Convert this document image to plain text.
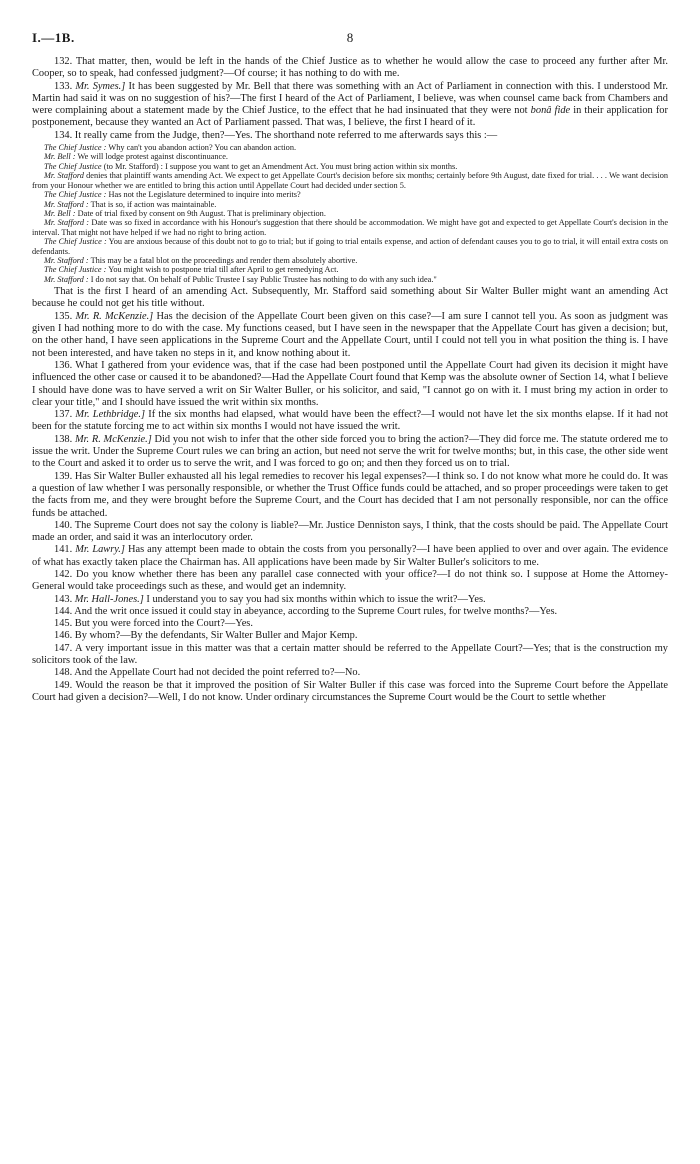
I.—1B.	8

132. That matter, then, would be left in the hands of the Chief Justice as to whether he would allow the case to proceed any further after Mr. Cooper, so to speak, had confessed judgment?—Of course; it has nothing to do with me.

133. Mr. Symes.] It has been suggested by Mr. Bell that there was something with an Act of Parliament in connection with this. I understood Mr. Martin had said it was on no suggestion of his?—The first I heard of the Act of Parliament, I believe, was when counsel came back from Chambers and were complaining about a statement made by the Chief Justice, to the effect that he had insinuated that they were not bonâ fide in their application for postponement, because they wanted an Act of Parliament passed. That was, I believe, the first I heard of it.

134. It really came from the Judge, then?—Yes. The shorthand note referred to me afterwards says this :—

The Chief Justice : Why can't you abandon action? You can abandon action.

Mr. Bell : We will lodge protest against discontinuance.

The Chief Justice (to Mr. Stafford) : I suppose you want to get an Amendment Act. You must bring action within six months.

Mr. Stafford denies that plaintiff wants amending Act. We expect to get Appellate Court's decision before six months; certainly before 9th August, date fixed for trial. . . . We want decision from your Honour whether we are entitled to bring this action until Appellate Court had decided under section 5.

The Chief Justice : Has not the Legislature determined to inquire into merits?

Mr. Stafford : That is so, if action was maintainable.

Mr. Bell : Date of trial fixed by consent on 9th August. That is preliminary objection.

Mr. Stafford : Date was so fixed in accordance with his Honour's suggestion that there should be accommodation. We might have got and expected to get Appellate Court's decision in the interval. That might not have helped if we had no right to bring action.

The Chief Justice : You are anxious because of this doubt not to go to trial; but if going to trial entails expense, and action of defendant causes you to go to trial, it will entail extra costs on defendants.

Mr. Stafford : This may be a fatal blot on the proceedings and render them absolutely abortive.

The Chief Justice : You might wish to postpone trial till after April to get remedying Act.

Mr. Stafford : I do not say that. On behalf of Public Trustee I say Public Trustee has nothing to do with any such idea."

That is the first I heard of an amending Act. Subsequently, Mr. Stafford said something about Sir Walter Buller might want an amending Act because he could not get his title without.

135. Mr. R. McKenzie.] Has the decision of the Appellate Court been given on this case?—I am sure I cannot tell you. As soon as judgment was given I had nothing more to do with the case. My functions ceased, but I have seen in the newspaper that the Appellate Court has given a decision; but, on the other hand, I have seen applications in the Supreme Court and the Appellate Court, until I could not tell you in what position the thing is. I have not been interested, and have taken no steps in it, and know nothing about it.

136. What I gathered from your evidence was, that if the case had been postponed until the Appellate Court had given its decision it might have influenced the other case or caused it to be abandoned?—Had the Appellate Court found that Kemp was the absolute owner of Section 14, what I believe I should have done was to have served a writ on Sir Walter Buller, or his solicitor, and said, "I cannot go on with it. I must bring my action in order to clear your title," and I should have issued the writ within six months.

137. Mr. Lethbridge.] If the six months had elapsed, what would have been the effect?—I would not have let the six months elapse. If it had not been for the statute forcing me to act within six months I would not have issued the writ.

138. Mr. R. McKenzie.] Did you not wish to infer that the other side forced you to bring the action?—They did force me. The statute ordered me to issue the writ. Under the Supreme Court rules we can bring an action, but need not serve the writ for twelve months; but, in this case, the other side went to the Court and asked it to order us to serve the writ, and I was forced to go on; and then they forced us on to trial.

139. Has Sir Walter Buller exhausted all his legal remedies to recover his legal expenses?—I think so. I do not know what more he could do. It was a question of law whether I was personally responsible, or whether the Trust Office funds could be attached, and so proper proceedings were taken to get the facts from me, and they were brought before the Supreme Court, and the Court has decided that I am not personally responsible, nor can the office funds be attached.

140. The Supreme Court does not say the colony is liable?—Mr. Justice Denniston says, I think, that the costs should be paid. The Appellate Court made an order, and said it was an interlocutory order.

141. Mr. Lawry.] Has any attempt been made to obtain the costs from you personally?—I have been applied to over and over again. The evidence of what has exactly taken place the Chairman has. All applications have been made by Sir Walter Buller's solicitors to me.

142. Do you know whether there has been any parallel case connected with your office?—I do not think so. I suppose at Home the Attorney-General would take proceedings such as these, and would get an indemnity.

143. Mr. Hall-Jones.] I understand you to say you had six months within which to issue the writ?—Yes.

144. And the writ once issued it could stay in abeyance, according to the Supreme Court rules, for twelve months?—Yes.

145. But you were forced into the Court?—Yes.

146. By whom?—By the defendants, Sir Walter Buller and Major Kemp.

147. A very important issue in this matter was that a certain matter should be referred to the Appellate Court?—Yes; that is the construction my solicitors took of the law.

148. And the Appellate Court had not decided the point referred to?—No.

149. Would the reason be that it improved the position of Sir Walter Buller if this case was forced into the Supreme Court before the Appellate Court had given a decision?—Well, I do not know. Under ordinary circumstances the Supreme Court would be the Court to settle whether
